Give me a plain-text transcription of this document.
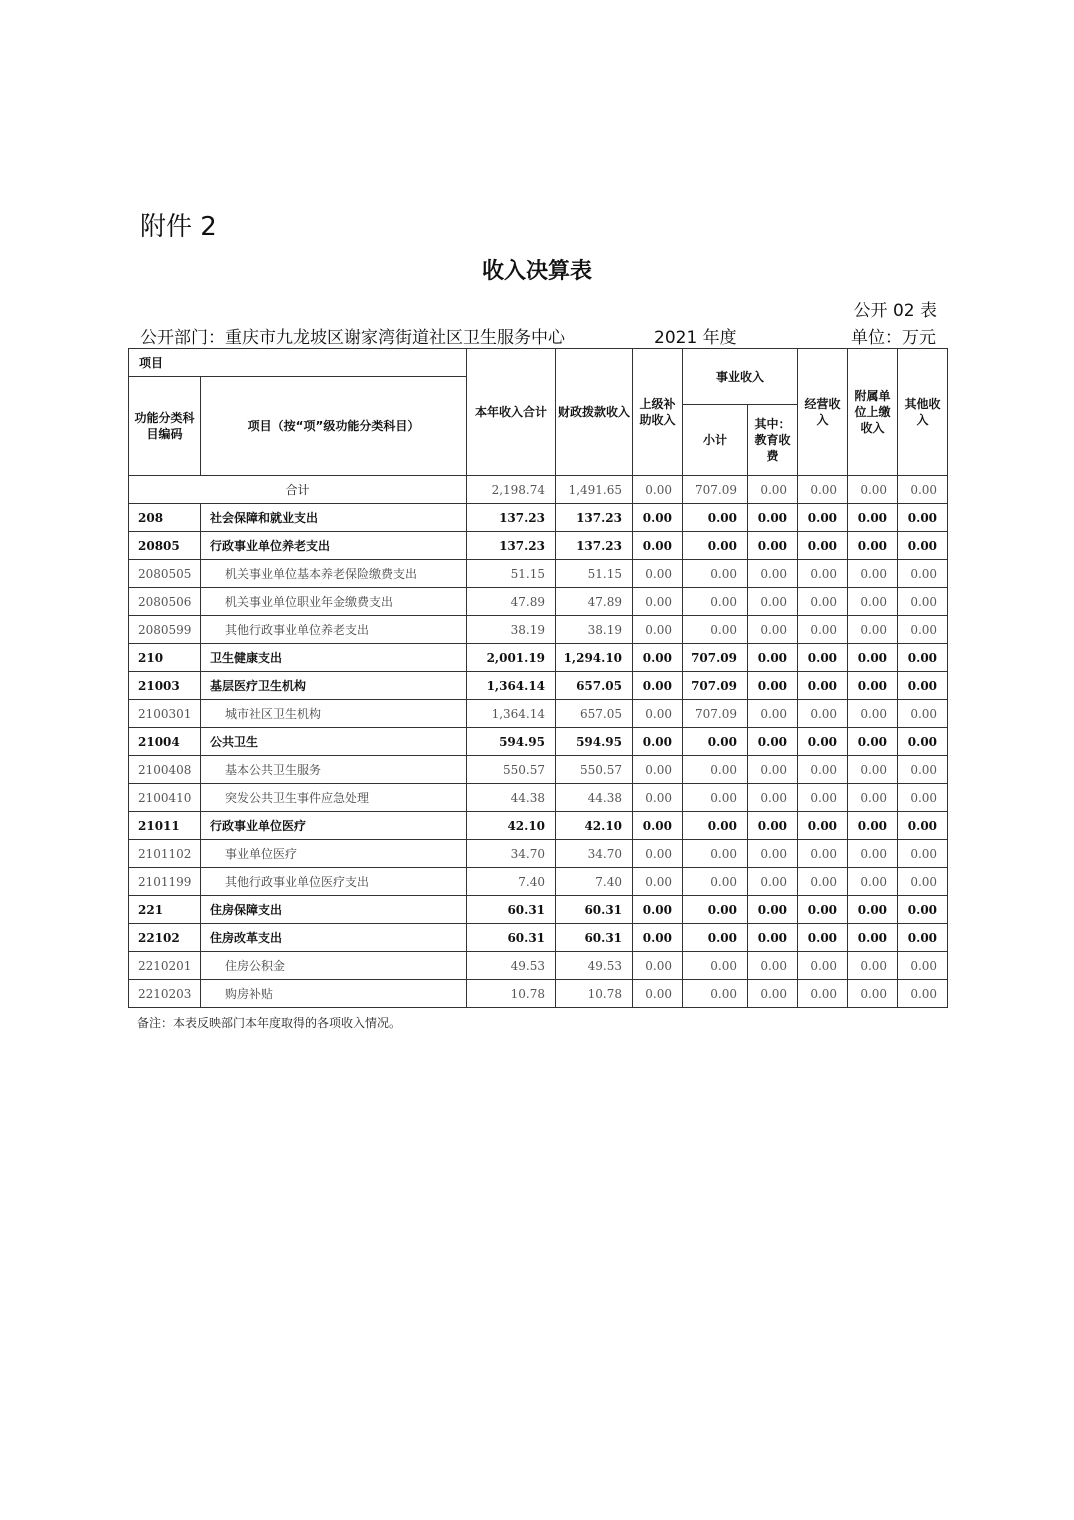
附件 2
收入决算表
公开 02 表
公开部门：重庆市九龙坡区谢家湾街道社区卫生服务中心	2021 年度	单位：万元
项目		本年收入合计	财政拨款收入	上级补助收入	事业收入		经营收入	附属单位上缴收入	其他收入
功能分类科目编码	项目（按“项”级功能分类科目）								
					小计	其中：教育收费			
合计		2,198.74	1,491.65	0.00	707.09	0.00	0.00	0.00	0.00
208	社会保障和就业支出	137.23	137.23	0.00	0.00	0.00	0.00	0.00	0.00
20805	行政事业单位养老支出	137.23	137.23	0.00	0.00	0.00	0.00	0.00	0.00
2080505	机关事业单位基本养老保险缴费支出	51.15	51.15	0.00	0.00	0.00	0.00	0.00	0.00
2080506	机关事业单位职业年金缴费支出	47.89	47.89	0.00	0.00	0.00	0.00	0.00	0.00
2080599	其他行政事业单位养老支出	38.19	38.19	0.00	0.00	0.00	0.00	0.00	0.00
210	卫生健康支出	2,001.19	1,294.10	0.00	707.09	0.00	0.00	0.00	0.00
21003	基层医疗卫生机构	1,364.14	657.05	0.00	707.09	0.00	0.00	0.00	0.00
2100301	城市社区卫生机构	1,364.14	657.05	0.00	707.09	0.00	0.00	0.00	0.00
21004	公共卫生	594.95	594.95	0.00	0.00	0.00	0.00	0.00	0.00
2100408	基本公共卫生服务	550.57	550.57	0.00	0.00	0.00	0.00	0.00	0.00
2100410	突发公共卫生事件应急处理	44.38	44.38	0.00	0.00	0.00	0.00	0.00	0.00
21011	行政事业单位医疗	42.10	42.10	0.00	0.00	0.00	0.00	0.00	0.00
2101102	事业单位医疗	34.70	34.70	0.00	0.00	0.00	0.00	0.00	0.00
2101199	其他行政事业单位医疗支出	7.40	7.40	0.00	0.00	0.00	0.00	0.00	0.00
221	住房保障支出	60.31	60.31	0.00	0.00	0.00	0.00	0.00	0.00
22102	住房改革支出	60.31	60.31	0.00	0.00	0.00	0.00	0.00	0.00
2210201	住房公积金	49.53	49.53	0.00	0.00	0.00	0.00	0.00	0.00
2210203	购房补贴	10.78	10.78	0.00	0.00	0.00	0.00	0.00	0.00
备注：本表反映部门本年度取得的各项收入情况。
